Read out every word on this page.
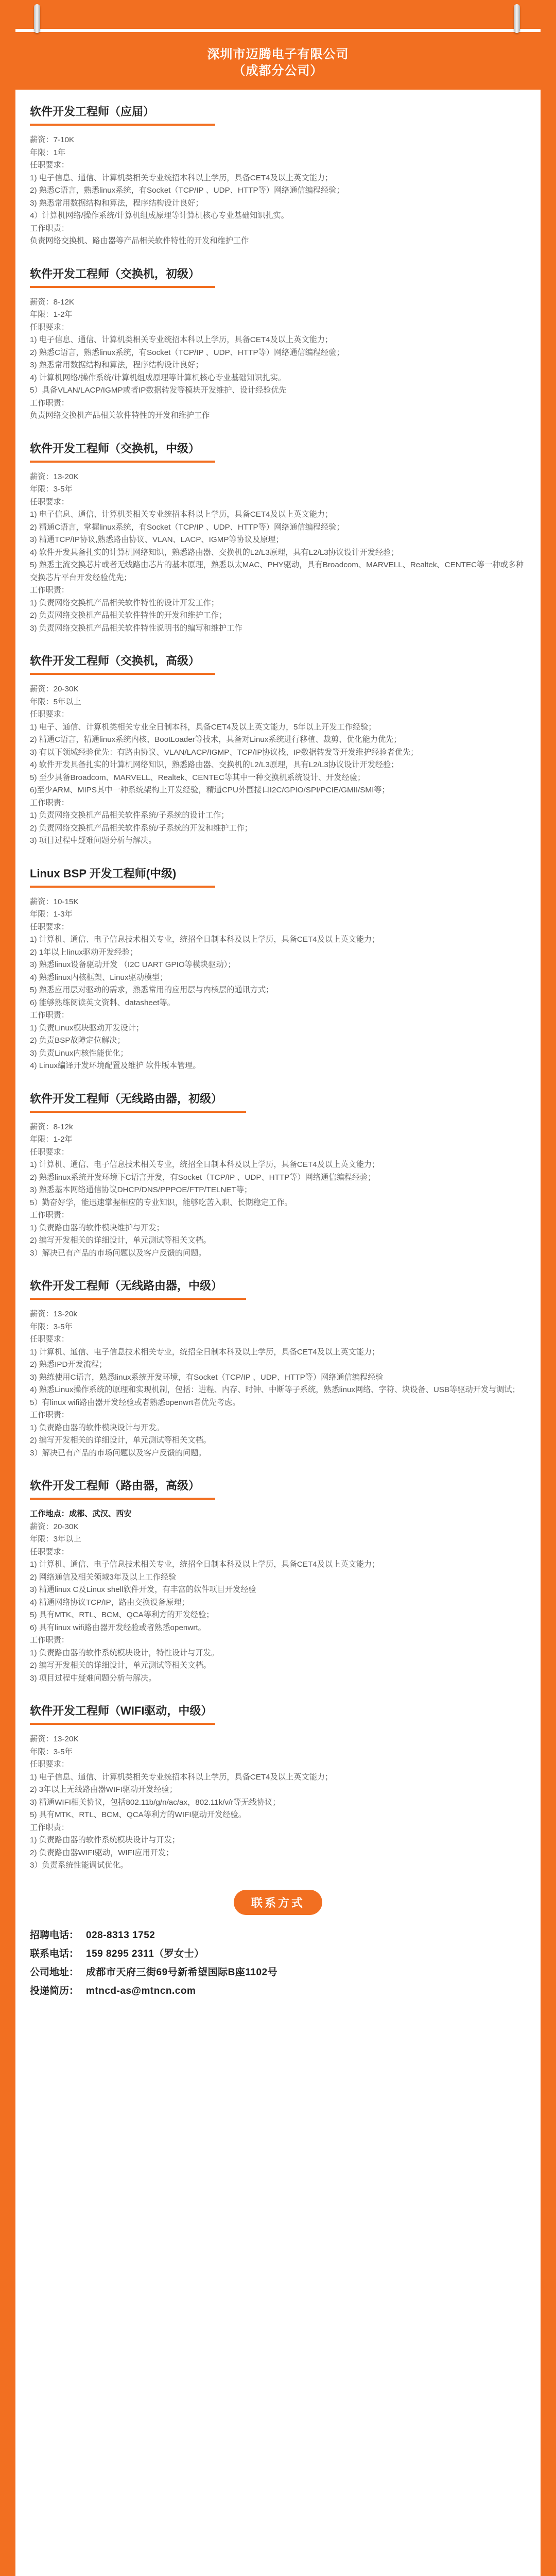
深圳市迈腾电子有限公司
（成都分公司）
软件开发工程师（应届）
薪资：7-10K
年限：1年
任职要求：
1) 电子信息、通信、计算机类相关专业统招本科以上学历，具备CET4及以上英文能力；
2) 熟悉C语言，熟悉linux系统，有Socket（TCP/IP 、UDP、HTTP等）网络通信编程经验；
3) 熟悉常用数据结构和算法，程序结构设计良好；
4）计算机网络/操作系统/计算机组成原理等计算机核心专业基础知识扎实。
工作职责：
负责网络交换机、路由器等产品相关软件特性的开发和维护工作
软件开发工程师（交换机，初级）
薪资：8-12K
年限：1-2年
任职要求：
1) 电子信息、通信、计算机类相关专业统招本科以上学历，具备CET4及以上英文能力；
2) 熟悉C语言，熟悉linux系统，有Socket（TCP/IP 、UDP、HTTP等）网络通信编程经验；
3) 熟悉常用数据结构和算法，程序结构设计良好；
4) 计算机网络/操作系统/计算机组成原理等计算机核心专业基础知识扎实。
5）具备VLAN/LACP/IGMP或者IP数据转发等模块开发维护、设计经验优先
工作职责：
负责网络交换机产品相关软件特性的开发和维护工作
软件开发工程师（交换机，中级）
薪资：13-20K
年限：3-5年
任职要求：
1) 电子信息、通信、计算机类相关专业统招本科以上学历，具备CET4及以上英文能力；
2) 精通C语言，掌握linux系统，有Socket（TCP/IP 、UDP、HTTP等）网络通信编程经验；
3) 精通TCP/IP协议,熟悉路由协议、VLAN、LACP、IGMP等协议及原理；
4) 软件开发具备扎实的计算机网络知识，熟悉路由器、交换机的L2/L3原理，具有L2/L3协议设计开发经验；
5) 熟悉主流交换芯片或者无线路由芯片的基本原理，熟悉以太MAC、PHY驱动，具有Broadcom、MARVELL、Realtek、CENTEC等一种或多种交换芯片平台开发经验优先；
工作职责：
1) 负责网络交换机产品相关软件特性的设计开发工作；
2) 负责网络交换机产品相关软件特性的开发和维护工作；
3) 负责网络交换机产品相关软件特性说明书的编写和维护工作
软件开发工程师（交换机，高级）
薪资：20-30K
年限：5年以上
任职要求：
1) 电子、通信、计算机类相关专业全日制本科，具备CET4及以上英文能力，5年以上开发工作经验；
2) 精通C语言，精通linux系统内核、BootLoader等技术，具备对Linux系统进行移植、裁剪、优化能力优先；
3) 有以下领域经验优先：有路由协议、VLAN/LACP/IGMP、TCP/IP协议栈、IP数据转发等开发维护经验者优先；
4) 软件开发具备扎实的计算机网络知识，熟悉路由器、交换机的L2/L3原理，具有L2/L3协议设计开发经验；
5) 至少具备Broadcom、MARVELL、Realtek、CENTEC等其中一种交换机系统设计、开发经验；
6)至少ARM、MIPS其中一种系统架构上开发经验，精通CPU外围接口I2C/GPIO/SPI/PCIE/GMII/SMI等；
工作职责：
1) 负责网络交换机产品相关软件系统/子系统的设计工作；
2) 负责网络交换机产品相关软件系统/子系统的开发和维护工作；
3) 项目过程中疑难问题分析与解决。
Linux BSP 开发工程师(中级)
薪资：10-15K
年限：1-3年
任职要求：
1) 计算机、通信、电子信息技术相关专业，统招全日制本科及以上学历，具备CET4及以上英文能力；
2) 1年以上linux驱动开发经验；
3) 熟悉linux设备驱动开发 （I2C UART GPIO等模块驱动）；
4) 熟悉linux内核框架、Linux驱动模型；
5) 熟悉应用层对驱动的需求，熟悉常用的应用层与内核层的通讯方式；
6) 能够熟练阅读英文资料、datasheet等。
工作职责：
1) 负责Linux模块驱动开发设计；
2) 负责BSP故障定位解决；
3) 负责Linux内核性能优化；
4) Linux编译开发环境配置及维护 软件版本管理。
软件开发工程师（无线路由器，初级）
薪资：8-12k
年限：1-2年
任职要求：
1) 计算机、通信、电子信息技术相关专业，统招全日制本科及以上学历，具备CET4及以上英文能力；
2) 熟悉linux系统开发环境下C语言开发，有Socket（TCP/IP 、UDP、HTTP等）网络通信编程经验；
3) 熟悉基本网络通信协议DHCP/DNS/PPPOE/FTP/TELNET等；
5）勤奋好学，能迅速掌握相应的专业知识，能够吃苦入职、长期稳定工作。
工作职责：
1) 负责路由器的软件模块维护与开发；
2) 编写开发相关的详细设计，单元测试等相关文档。
3）解决已有产品的市场问题以及客户反馈的问题。
软件开发工程师（无线路由器，中级）
薪资：13-20k
年限：3-5年
任职要求：
1) 计算机、通信、电子信息技术相关专业，统招全日制本科及以上学历，具备CET4及以上英文能力；
2) 熟悉IPD开发流程；
3) 熟练使用C语言，熟悉linux系统开发环境，有Socket（TCP/IP 、UDP、HTTP等）网络通信编程经验
4) 熟悉Linux操作系统的原理和实现机制，包括：进程、内存、时钟、中断等子系统，熟悉linux网络、字符、块设备、USB等驱动开发与调试；
5）有linux wifi路由器开发经验或者熟悉openwrt者优先考虑。
工作职责：
1) 负责路由器的软件模块设计与开发。
2) 编写开发相关的详细设计，单元测试等相关文档。
3）解决已有产品的市场问题以及客户反馈的问题。
软件开发工程师（路由器，高级）
工作地点：成都、武汉、西安
薪资：20-30K
年限：3年以上
任职要求：
1) 计算机、通信、电子信息技术相关专业，统招全日制本科及以上学历，具备CET4及以上英文能力；
2) 网络通信及相关领域3年及以上工作经验
3) 精通linux C及Linux shell软件开发，有丰富的软件项目开发经验
4) 精通网络协议TCP/IP，路由交换设备原理；
5) 具有MTK、RTL、BCM、QCA等利方的开发经验；
6) 具有linux wifi路由器开发经验或者熟悉openwrt。
工作职责：
1) 负责路由器的软件系统模块设计，特性设计与开发。
2) 编写开发相关的详细设计，单元测试等相关文档。
3) 项目过程中疑难问题分析与解决。
软件开发工程师（WIFI驱动，中级）
薪资：13-20K
年限：3-5年
任职要求：
1) 电子信息、通信、计算机类相关专业统招本科以上学历，具备CET4及以上英文能力；
2) 3年以上无线路由器WIFI驱动开发经验；
3) 精通WIFI相关协议，包括802.11b/g/n/ac/ax，802.11k/v/r等无线协议；
5) 具有MTK、RTL、BCM、QCA等利方的WIFI驱动开发经验。
工作职责：
1) 负责路由器的软件系统模块设计与开发；
2) 负责路由器WIFI驱动，WIFI应用开发；
3）负责系统性能调试优化。
联系方式
招聘电话： 028-8313 1752
联系电话： 159 8295 2311（罗女士）
公司地址： 成都市天府三街69号新希望国际B座1102号
投递简历： mtncd-as@mtncn.com
